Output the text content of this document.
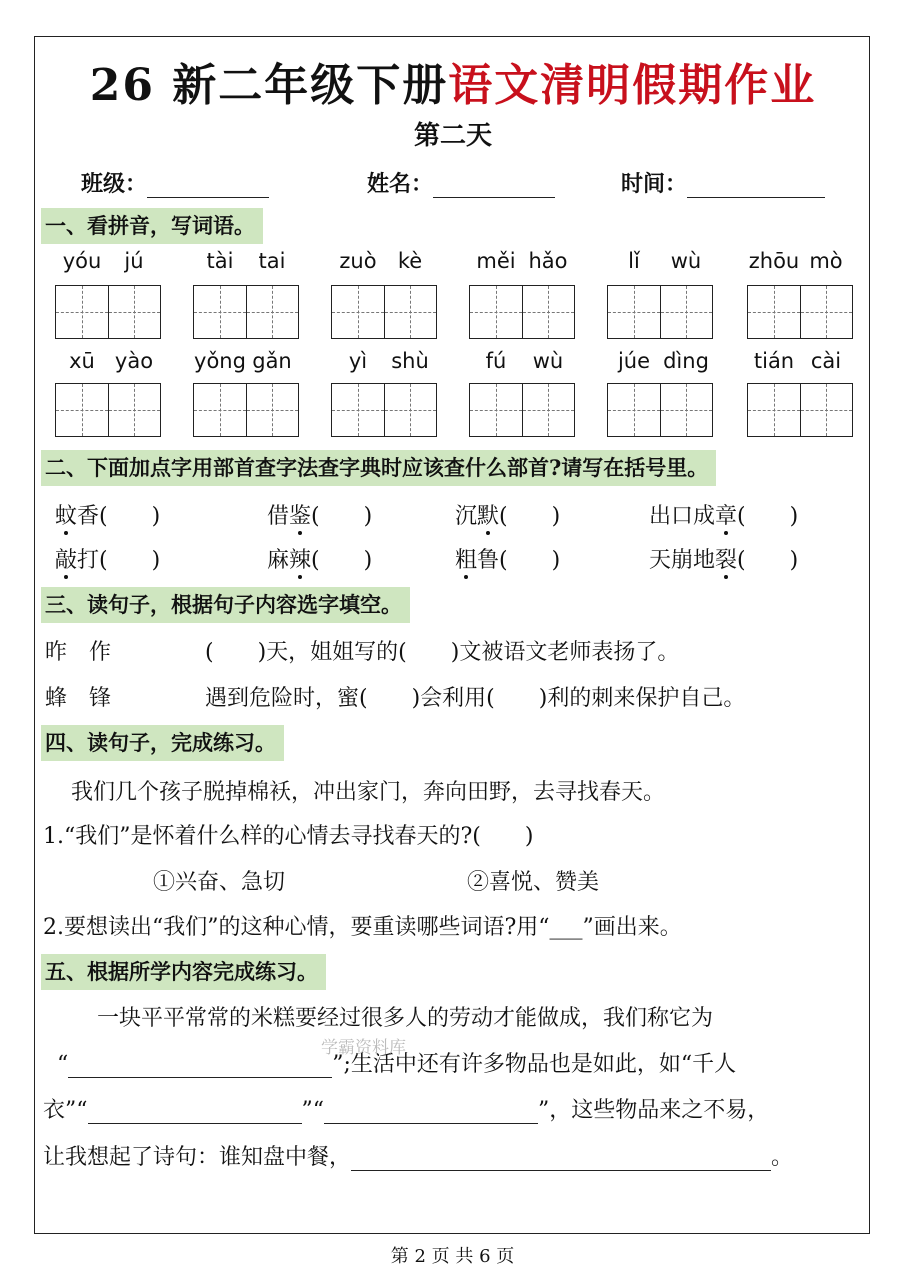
26 新二年级下册语文清明假期作业
第二天
班级：	姓名：	时间：
一、看拼音，写词语。
二、下面加点字用部首查字法查字典时应该查什么部首?请写在括号里。
三、读句子，根据句子内容选字填空。
昨　作	(　　)天，姐姐写的(　　)文被语文老师表扬了。
蜂　锋	遇到危险时，蜜(　　)会利用(　　)利的刺来保护自己。
四、读句子，完成练习。
我们几个孩子脱掉棉袄，冲出家门，奔向田野，去寻找春天。
1.“我们”是怀着什么样的心情去寻找春天的?(　　)
①兴奋、急切	②喜悦、赞美
2.要想读出“我们”的这种心情，要重读哪些词语?用“___”画出来。
五、根据所学内容完成练习。
一块平平常常的米糕要经过很多人的劳动才能做成，我们称它为
“	”;生活中还有许多物品也是如此，如“千人
衣”“	”“	”，这些物品来之不易，
让我想起了诗句：谁知盘中餐，	。
学霸资料库
yóu jú	tài tai	zuò kè	měi hǎo	lǐ wù	zhōu mò
xū yào	yǒng gǎn	yì shù	fú wù	júe dìng	tián cài
蚊香(　　)	借鉴(　　)	沉默(　　)	出口成章(　　)
敲打(　　)	麻辣(　　)	粗鲁(　　)	天崩地裂(　　)
第 2 页 共 6 页
